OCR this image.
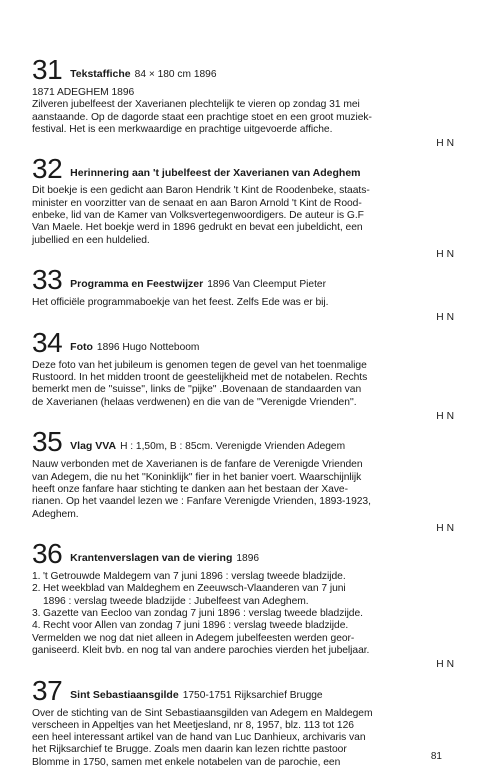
31 Tekstaffiche 84 × 180 cm 1896
1871 ADEGHEM 1896
Zilveren jubelfeest der Xaverianen plechtelijk te vieren op zondag 31 mei
aanstaande. Op de dagorde staat een prachtige stoet en een groot muziek-
festival. Het is een merkwaardige en prachtige uitgevoerde affiche.
H N
32 Herinnering aan 't jubelfeest der Xaverianen van Adeghem
Dit boekje is een gedicht aan Baron Hendrik 't Kint de Roodenbeke, staats-
minister en voorzitter van de senaat en aan Baron Arnold 't Kint de Rood-
enbeke, lid van de Kamer van Volksvertegenwoordigers. De auteur is G.F
Van Maele. Het boekje werd in 1896 gedrukt en bevat een jubeldicht, een
jubellied en een huldelied.
H N
33 Programma en Feestwijzer 1896 Van Cleemput Pieter
Het officiële programmaboekje van het feest. Zelfs Ede was er bij.
H N
34 Foto 1896 Hugo Notteboom
Deze foto van het jubileum is genomen tegen de gevel van het toenmalige
Rustoord. In het midden troont de geestelijkheid met de notabelen. Rechts
bemerkt men de ''suisse'', links de ''pijke'' .Bovenaan de standaarden van
de Xaverianen (helaas verdwenen) en die van de ''Verenigde Vrienden''.
H N
35 Vlag VVA H : 1,50m, B : 85cm. Verenigde Vrienden Adegem
Nauw verbonden met de Xaverianen is de fanfare de Verenigde Vrienden
van Adegem, die nu het ''Koninklijk'' fier in het banier voert. Waarschijnlijk
heeft onze fanfare haar stichting te danken aan het bestaan der Xave-
rianen. Op het vaandel lezen we : Fanfare Verenigde Vrienden, 1893-1923,
Adeghem.
H N
36 Krantenverslagen van de viering 1896
1. 't Getrouwde Maldegem van 7 juni 1896 : verslag tweede bladzijde.
2. Het weekblad van Maldeghem en Zeeuwsch-Vlaanderen van 7 juni
1896 : verslag tweede bladzijde : Jubelfeest van Adeghem.
3. Gazette van Eecloo van zondag 7 juni 1896 : verslag tweede bladzijde.
4. Recht voor Allen van zondag 7 juni 1896 : verslag tweede bladzijde.
Vermelden we nog dat niet alleen in Adegem jubelfeesten werden geor-
ganiseerd. Kleit bvb. en nog tal van andere parochies vierden het jubeljaar.
H N
37 Sint Sebastiaansgilde 1750-1751 Rijksarchief Brugge
Over de stichting van de Sint Sebastiaansgilden van Adegem en Maldegem
verscheen in Appeltjes van het Meetjesland, nr 8, 1957, blz. 113 tot 126
een heel interessant artikel van de hand van Luc Danhieux, archivaris van
het Rijksarchief te Brugge. Zoals men daarin kan lezen richtte pastoor
Blomme in 1750, samen met enkele notabelen van de parochie, een
81
